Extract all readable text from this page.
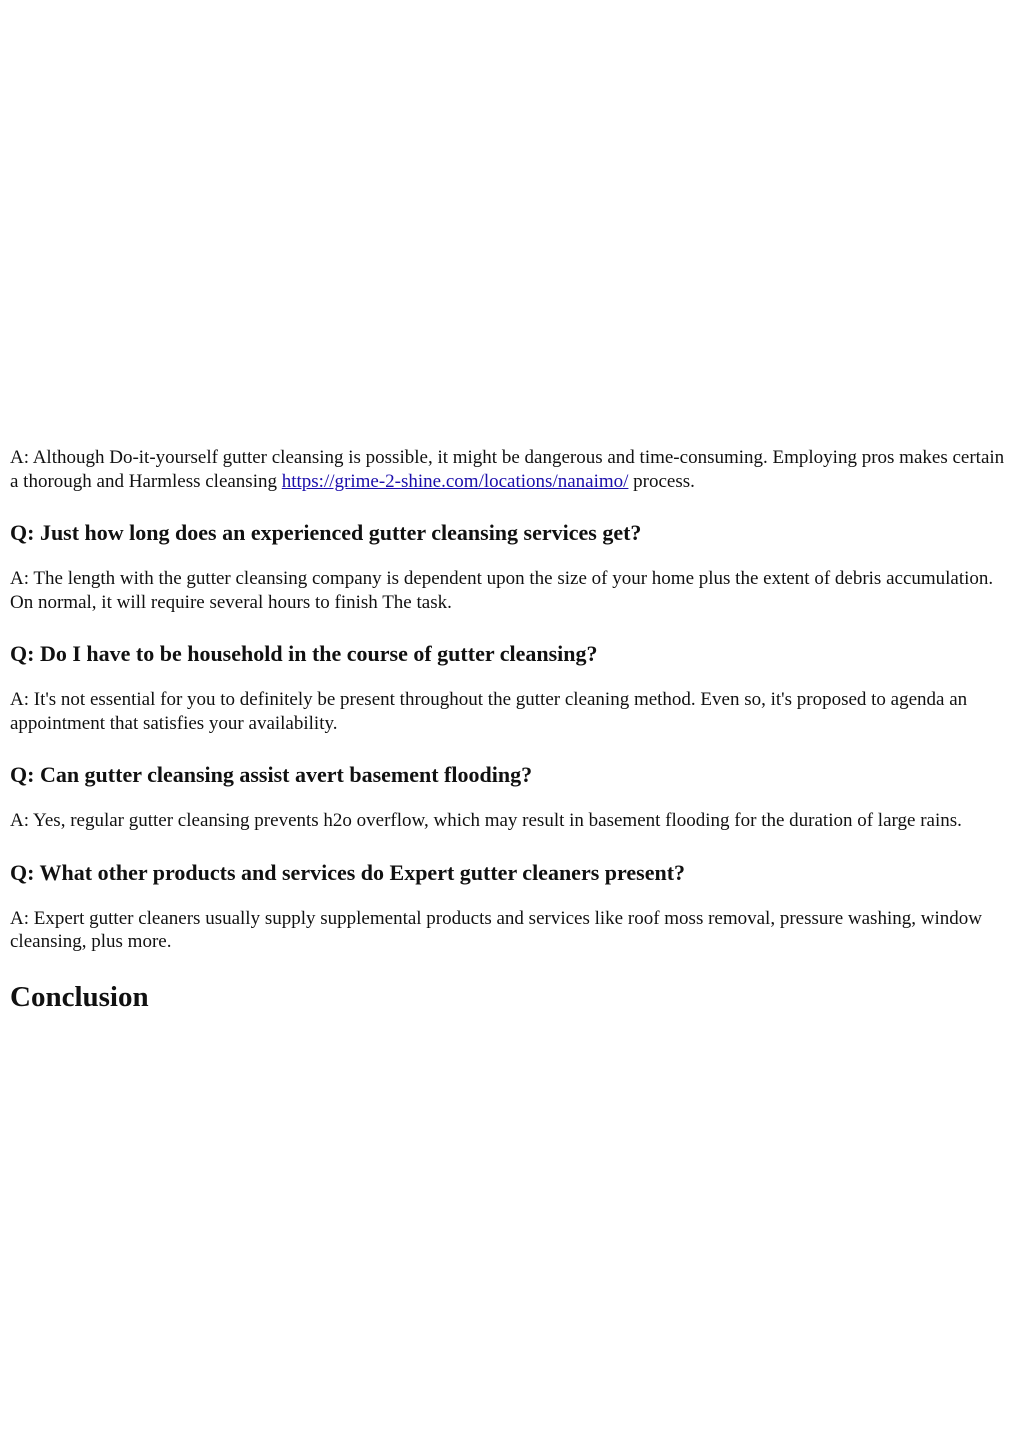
A: Although Do-it-yourself gutter cleansing is possible, it might be dangerous and time-consuming. Employing pros makes certain a thorough and Harmless cleansing https://grime-2-shine.com/locations/nanaimo/ process.

Q: Just how long does an experienced gutter cleansing services get?

A: The length with the gutter cleansing company is dependent upon the size of your home plus the extent of debris accumulation. On normal, it will require several hours to finish The task.

Q: Do I have to be household in the course of gutter cleansing?

A: It's not essential for you to definitely be present throughout the gutter cleaning method. Even so, it's proposed to agenda an appointment that satisfies your availability.

Q: Can gutter cleansing assist avert basement flooding?

A: Yes, regular gutter cleansing prevents h2o overflow, which may result in basement flooding for the duration of large rains.

Q: What other products and services do Expert gutter cleaners present?

A: Expert gutter cleaners usually supply supplemental products and services like roof moss removal, pressure washing, window cleansing, plus more.

Conclusion
